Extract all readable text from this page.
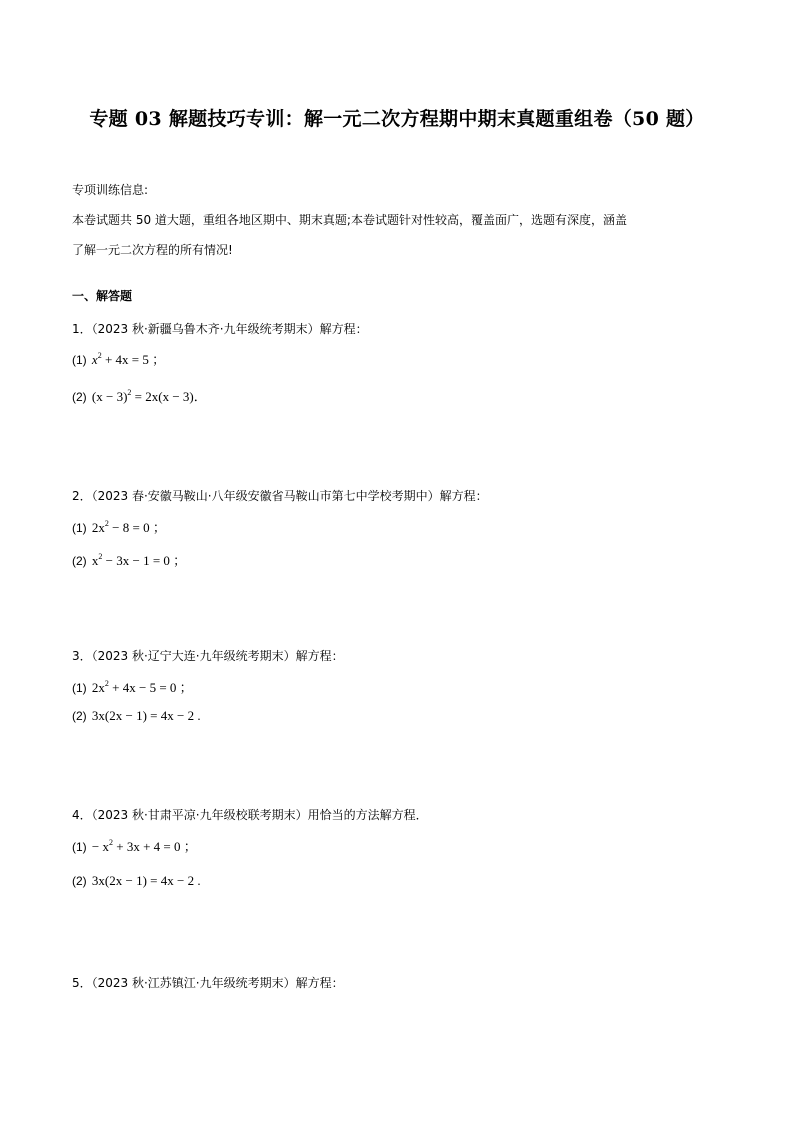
专题 03 解题技巧专训：解一元二次方程期中期末真题重组卷（50 题）
专项训练信息:
本卷试题共 50 道大题，重组各地区期中、期末真题;本卷试题针对性较高，覆盖面广，选题有深度，涵盖
了解一元二次方程的所有情况!
一、解答题
1．（2023 秋·新疆乌鲁木齐·九年级统考期末）解方程：
(1) $x^2 + 4x = 5$ ；
(2) $(x - 3)^2 = 2x(x - 3)$．
2．（2023 春·安徽马鞍山·八年级安徽省马鞍山市第七中学校考期中）解方程：
(1) $2x^2 - 8 = 0$ ；
(2) $x^2 - 3x - 1 = 0$ ；
3．（2023 秋·辽宁大连·九年级统考期末）解方程：
(1) $2x^2 + 4x - 5 = 0$ ；
(2) 3x(2x − 1) = 4x − 2 .
4．（2023 秋·甘肃平凉·九年级校联考期末）用恰当的方法解方程．
$(1) - x^2 + 3x + 4 = 0$ ；
(2) 3x(2x − 1) = 4x − 2 .
5．（2023 秋·江苏镇江·九年级统考期末）解方程：
